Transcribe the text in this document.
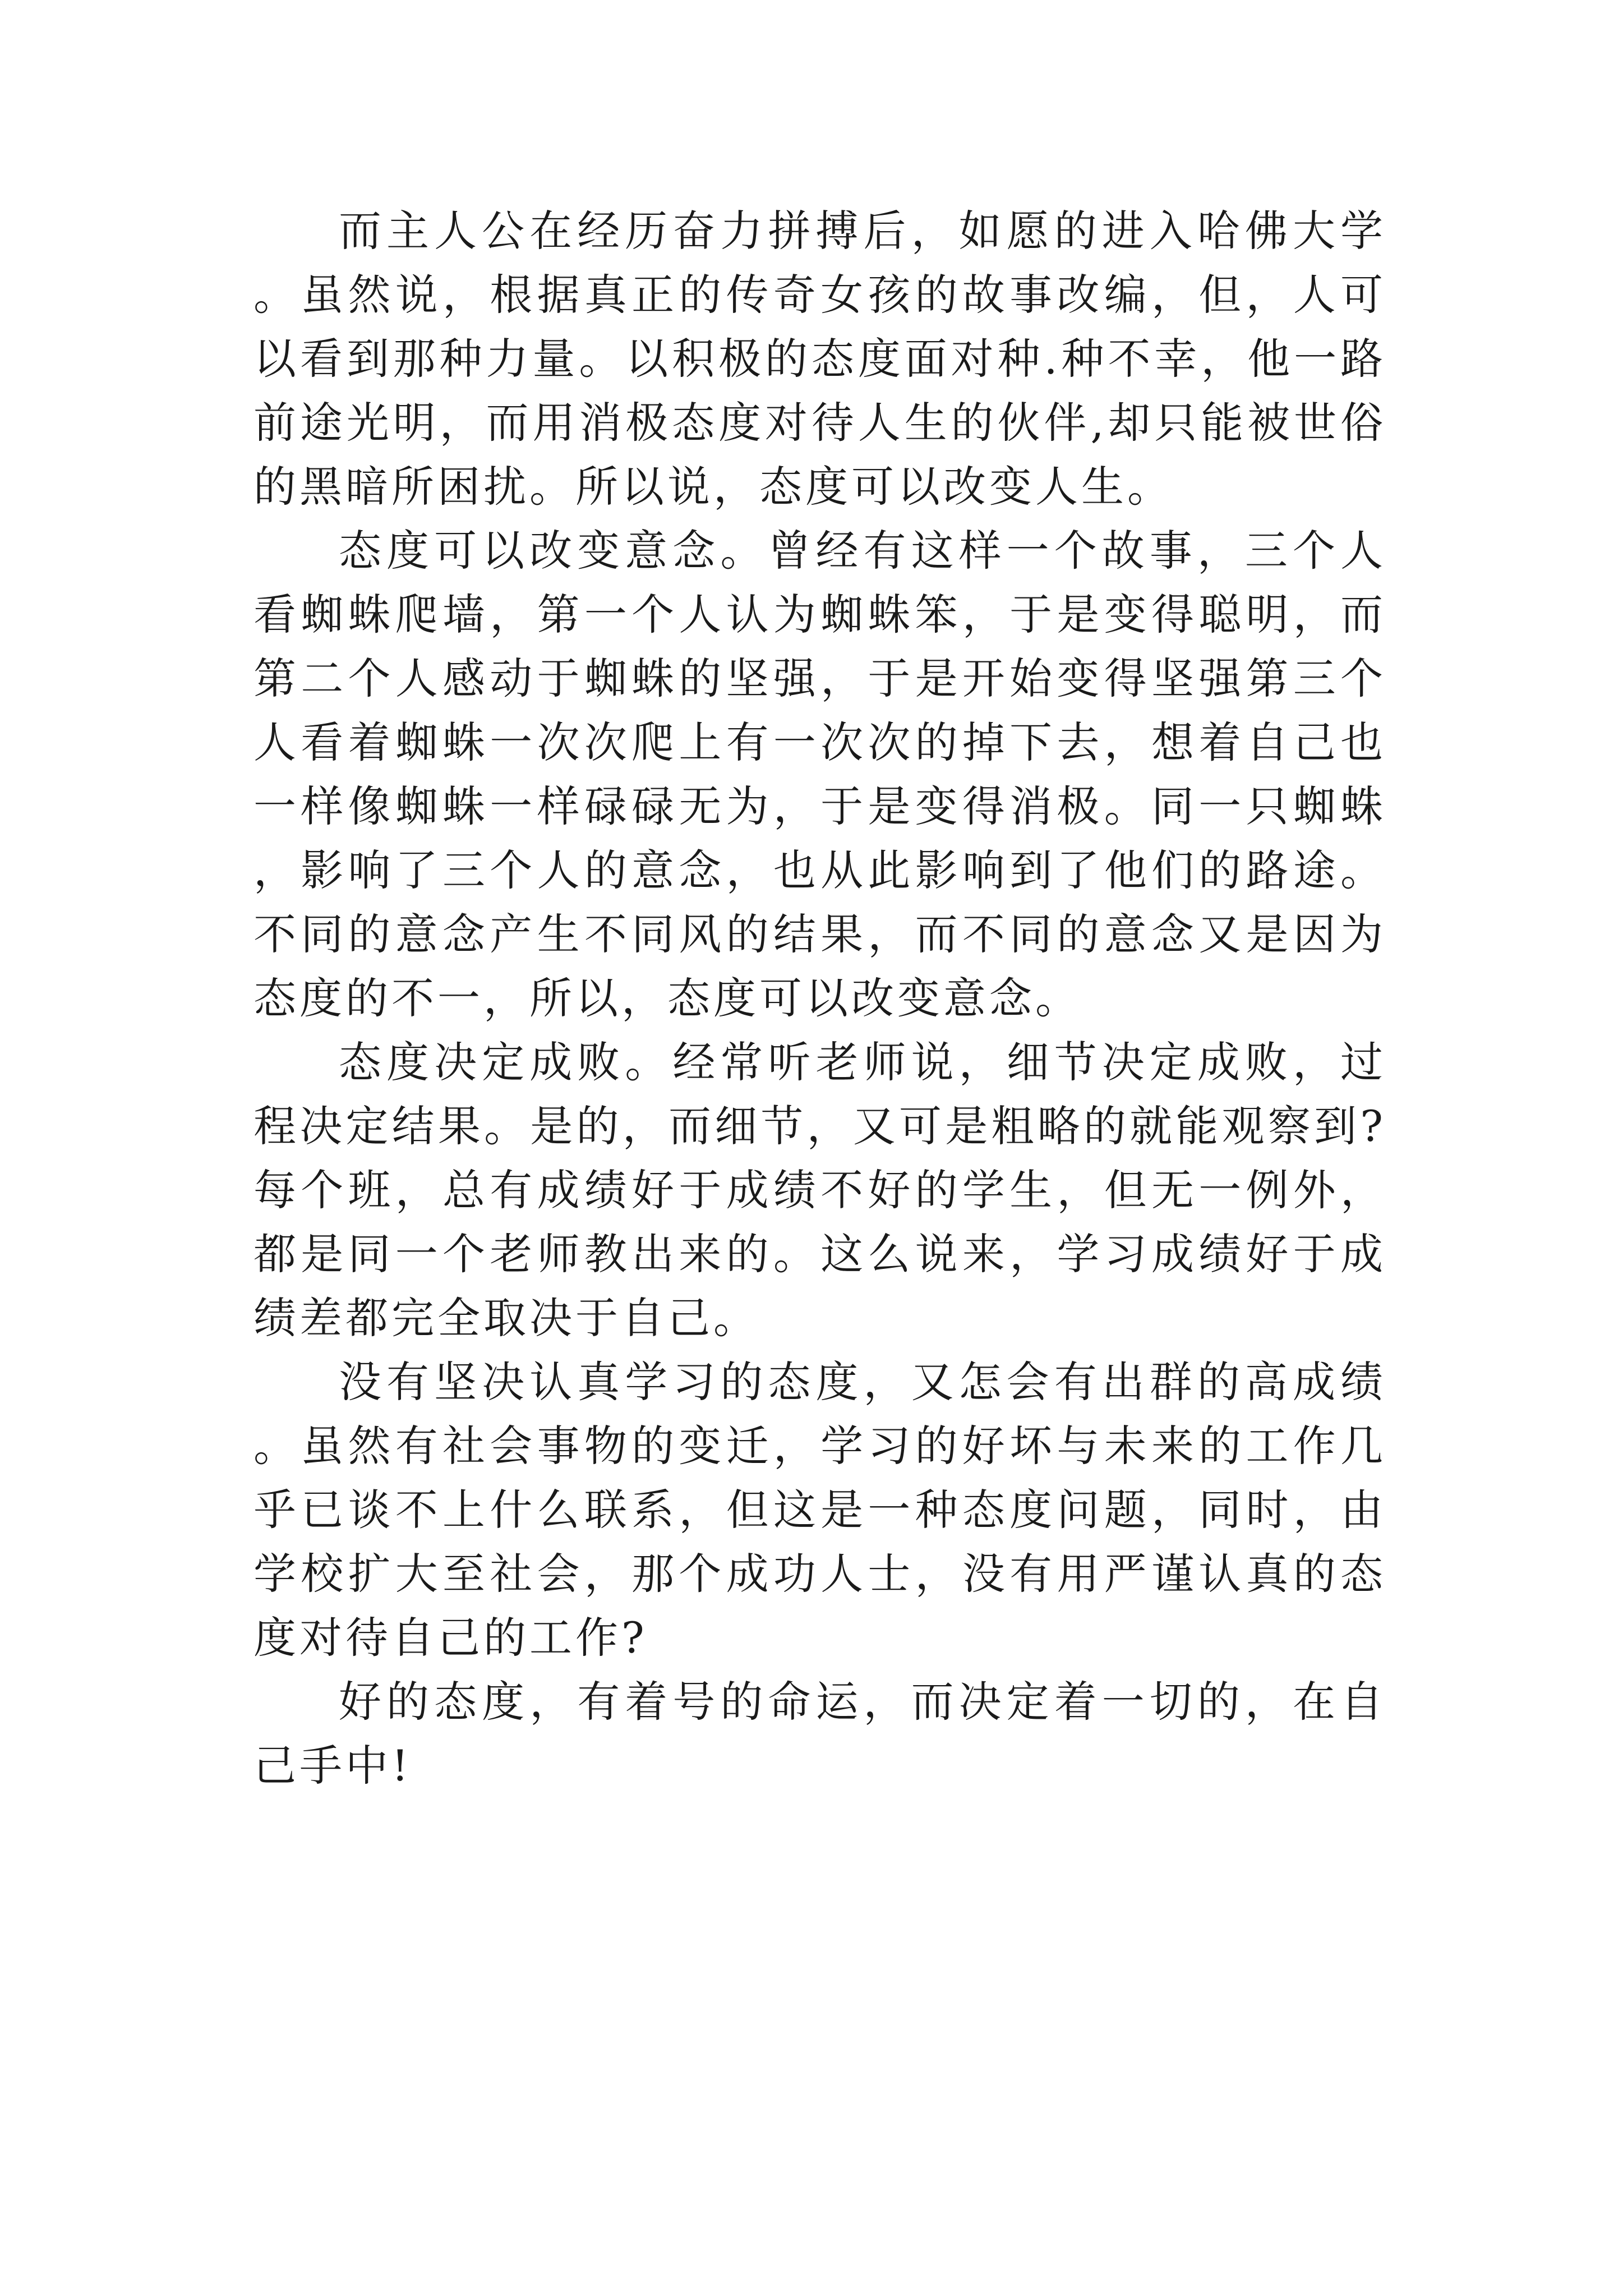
而主人公在经历奋力拼搏后，如愿的进入哈佛大学。虽然说，根据真正的传奇女孩的故事改编，但，人可以看到那种力量。以积极的态度面对种.种不幸，他一路前途光明，而用消极态度对待人生的伙伴,却只能被世俗的黑暗所困扰。所以说，态度可以改变人生。

态度可以改变意念。曾经有这样一个故事，三个人看蜘蛛爬墙，第一个人认为蜘蛛笨，于是变得聪明，而第二个人感动于蜘蛛的坚强，于是开始变得坚强第三个人看着蜘蛛一次次爬上有一次次的掉下去，想着自己也一样像蜘蛛一样碌碌无为，于是变得消极。同一只蜘蛛，影响了三个人的意念，也从此影响到了他们的路途。不同的意念产生不同风的结果，而不同的意念又是因为态度的不一，所以，态度可以改变意念。

态度决定成败。经常听老师说，细节决定成败，过程决定结果。是的，而细节，又可是粗略的就能观察到?每个班，总有成绩好于成绩不好的学生，但无一例外，都是同一个老师教出来的。这么说来，学习成绩好于成绩差都完全取决于自己。

没有坚决认真学习的态度，又怎会有出群的高成绩。虽然有社会事物的变迁，学习的好坏与未来的工作几乎已谈不上什么联系，但这是一种态度问题，同时，由学校扩大至社会，那个成功人士，没有用严谨认真的态度对待自己的工作?

好的态度，有着号的命运，而决定着一切的，在自己手中!
